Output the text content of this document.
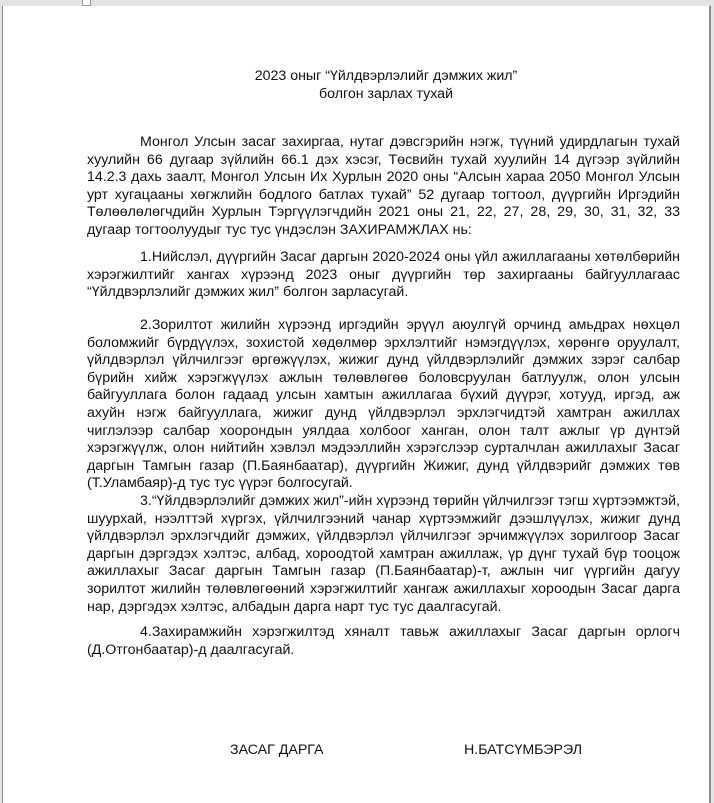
2023 оныг “Үйлдвэрлэлийг дэмжих жил”
болгон зарлах тухай

Монгол Улсын засаг захиргаа, нутаг дэвсгэрийн нэгж, түүний удирдлагын тухай хуулийн 66 дугаар зүйлийн 66.1 дэх хэсэг, Төсвийн тухай хуулийн 14 дүгээр зүйлийн 14.2.3 дахь заалт, Монгол Улсын Их Хурлын 2020 оны “Алсын хараа 2050 Монгол Улсын урт хугацааны хөгжлийн бодлого батлах тухай” 52 дугаар тогтоол, дүүргийн Иргэдийн Төлөөлөлөгчдийн Хурлын Тэргүүлэгчдийн 2021 оны 21, 22, 27, 28, 29, 30, 31, 32, 33 дугаар тогтоолуудыг тус тус үндэслэн ЗАХИРАМЖЛАХ нь:

1.Нийслэл, дүүргийн Засаг даргын 2020-2024 оны үйл ажиллагааны хөтөлбөрийн хэрэгжилтийг хангах хүрээнд 2023 оныг дүүргийн төр захиргааны байгууллагаас “Үйлдвэрлэлийг дэмжих жил” болгон зарласугай.

2.Зорилтот жилийн хүрээнд иргэдийн эрүүл аюулгүй орчинд амьдрах нөхцөл боломжийг бүрдүүлэх, зохистой хөдөлмөр эрхлэлтийг нэмэгдүүлэх, хөрөнгө оруулалт, үйлдвэрлэл үйлчилгээг өргөжүүлэх, жижиг дунд үйлдвэрлэлийг дэмжих зэрэг салбар бүрийн хийж хэрэгжүүлэх ажлын төлөвлөгөө боловсруулан батлуулж, олон улсын байгууллага болон гадаад улсын хамтын ажиллагаа бүхий дүүрэг, хотууд, иргэд, аж ахуйн нэгж байгууллага, жижиг дунд үйлдвэрлэл эрхлэгчидтэй хамтран ажиллах чиглэлээр салбар хоорондын уялдаа холбоог ханган, олон талт ажлыг үр дүнтэй хэрэгжүүлж, олон нийтийн хэвлэл мэдээллийн хэрэгслээр сурталчлан ажиллахыг Засаг даргын Тамгын газар (П.Баянбаатар), дүүргийн Жижиг, дунд үйлдвэрийг дэмжих төв (Т.Уламбаяр)-д тус тус үүрэг болгосугай.

3.“Үйлдвэрлэлийг дэмжих жил”-ийн хүрээнд төрийн үйлчилгээг тэгш хүртээмжтэй, шуурхай, нээлттэй хүргэх, үйлчилгээний чанар хүртээмжийг дээшлүүлэх, жижиг дунд үйлдвэрлэл эрхлэгчдийг дэмжих, үйлдвэрлэл үйлчилгээг эрчимжүүлэх зорилгоор Засаг даргын дэргэдэх хэлтэс, албад, хороодтой хамтран ажиллаж, үр дүнг тухай бүр тооцож ажиллахыг Засаг даргын Тамгын газар (П.Баянбаатар)-т, ажлын чиг үүргийн дагуу зорилтот жилийн төлөвлөгөөний хэрэгжилтийг хангаж ажиллахыг хороодын Засаг дарга нар, дэргэдэх хэлтэс, албадын дарга нарт тус тус даалгасугай.

4.Захирамжийн хэрэгжилтэд хяналт тавьж ажиллахыг Засаг даргын орлогч (Д.Отгонбаатар)-д даалгасугай.

ЗАСАГ ДАРГА	Н.БАТСҮМБЭРЭЛ
